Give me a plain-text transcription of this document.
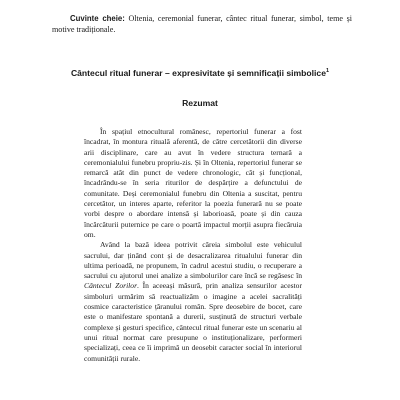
Cuvinte cheie: Oltenia, ceremonial funerar, cântec ritual funerar, simbol, teme și motive tradiționale.
Cântecul ritual funerar – expresivitate și semnificații simbolice$^1$
Rezumat

În spațiul etnocultural românesc, repertoriul funerar a fost încadrat, în montura rituală aferentă, de către cercetătorii din diverse arii disciplinare, care au avut în vedere structura ternară a ceremonialului funebru propriu-zis. Și în Oltenia, repertoriul funerar se remarcă atât din punct de vedere chronologic, cât și funcțional, încadrându-se în seria riturilor de despărțire a defunctului de comunitate. Deși ceremonialul funebru din Oltenia a suscitat, pentru cercetător, un interes aparte, referitor la poezia funerară nu se poate vorbi despre o abordare intensă și laborioasă, poate și din cauza încărcăturii puternice pe care o poartă impactul morții asupra fiecăruia om.

Având la bază ideea potrivit căreia simbolul este vehiculul sacrului, dar ținând cont și de desacralizarea ritualului funerar din ultima perioadă, ne propunem, în cadrul acestui studiu, o recuperare a sacrului cu ajutorul unei analize a simbolurilor care încă se regăsesc în Cântecul Zorilor. În aceeași măsură, prin analiza sensurilor acestor simboluri urmărim să reactualizăm o imagine a acelei sacralități cosmice caracteristice țăranului român. Spre deosebire de bocet, care este o manifestare spontană a durerii, susținută de structuri verbale complexe și gesturi specifice, cântecul ritual funerar este un scenariu al unui ritual normat care presupune o instituționalizare, performeri specializați, ceea ce îi imprimă un deosebit caracter social în interiorul comunității rurale.
